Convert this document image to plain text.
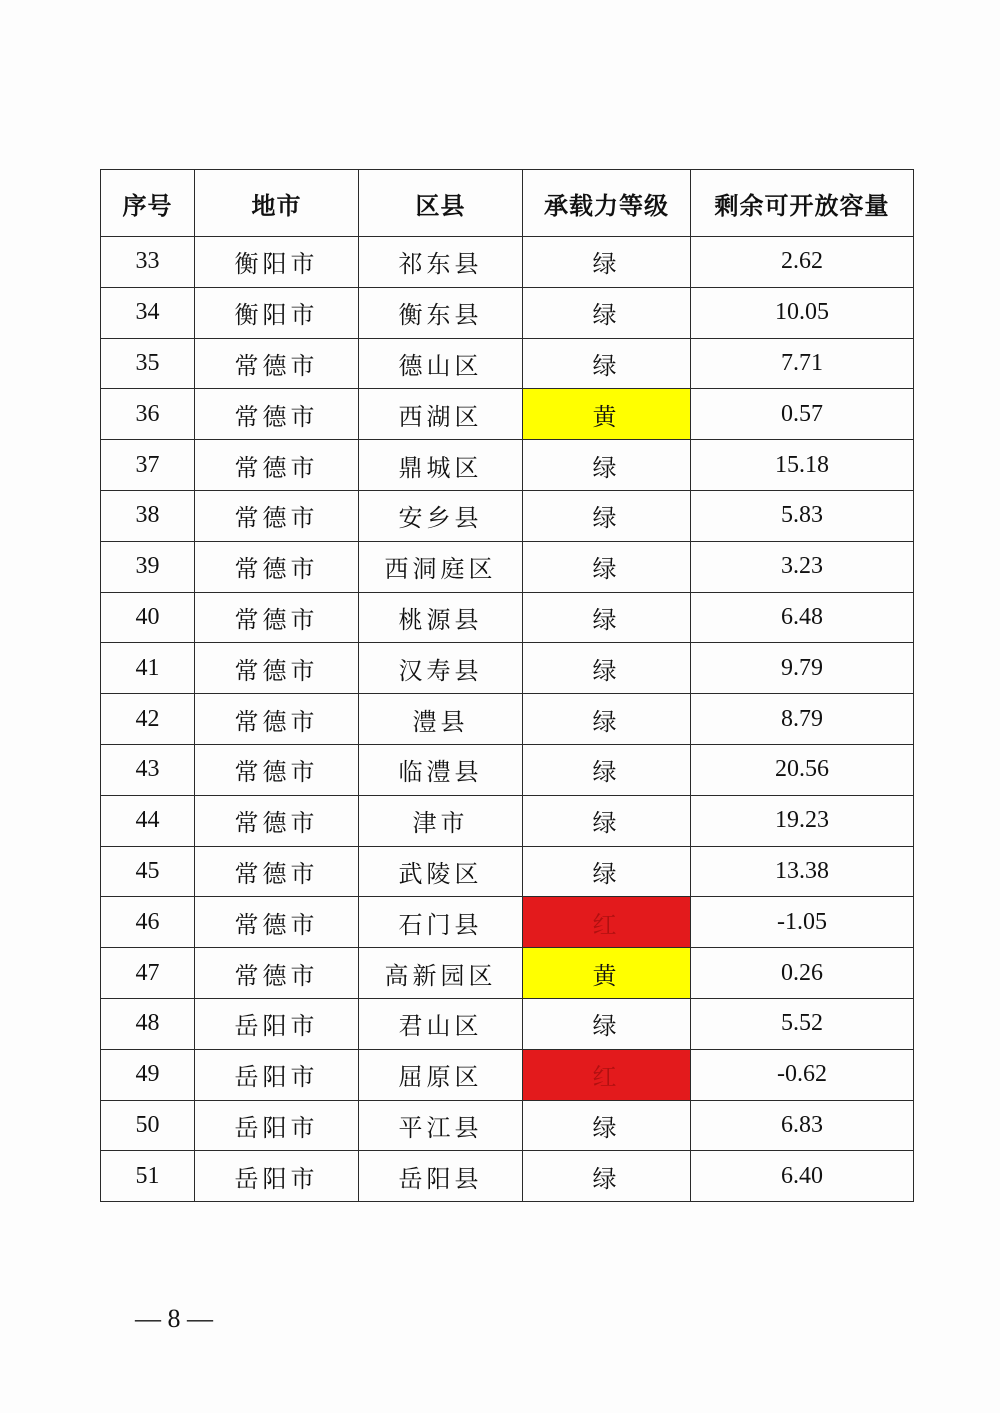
序号	地市	区县	承载力等级	剩余可开放容量
33	衡阳市	祁东县	绿	2.62
34	衡阳市	衡东县	绿	10.05
35	常德市	德山区	绿	7.71
36	常德市	西湖区	黄	0.57
37	常德市	鼎城区	绿	15.18
38	常德市	安乡县	绿	5.83
39	常德市	西洞庭区	绿	3.23
40	常德市	桃源县	绿	6.48
41	常德市	汉寿县	绿	9.79
42	常德市	澧县	绿	8.79
43	常德市	临澧县	绿	20.56
44	常德市	津市	绿	19.23
45	常德市	武陵区	绿	13.38
46	常德市	石门县	红	-1.05
47	常德市	高新园区	黄	0.26
48	岳阳市	君山区	绿	5.52
49	岳阳市	屈原区	红	-0.62
50	岳阳市	平江县	绿	6.83
51	岳阳市	岳阳县	绿	6.40
— 8 —
